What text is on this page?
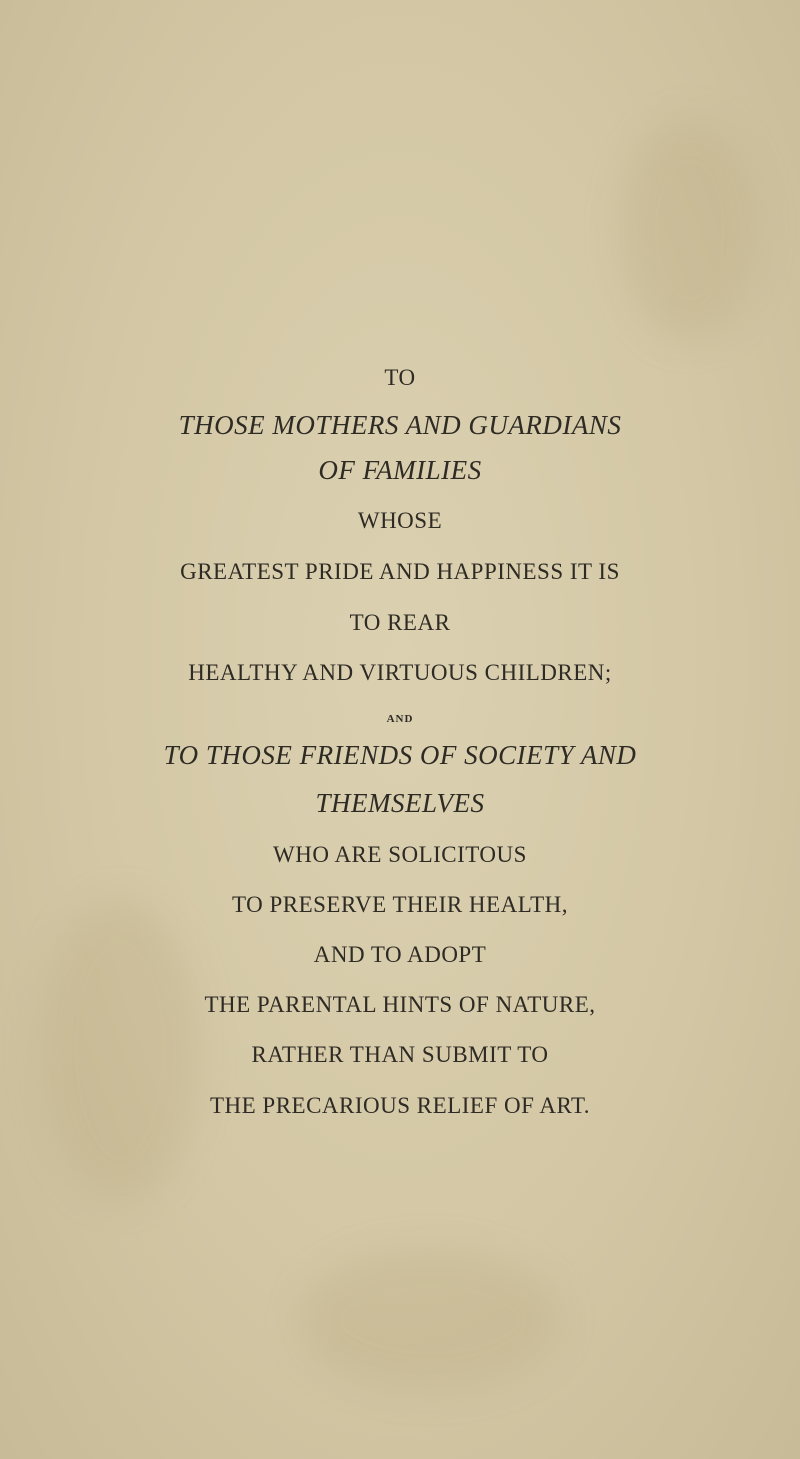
TO
THOSE MOTHERS AND GUARDIANS
OF FAMILIES
WHOSE
GREATEST PRIDE AND HAPPINESS IT IS
TO REAR
HEALTHY AND VIRTUOUS CHILDREN;
AND
TO THOSE FRIENDS OF SOCIETY AND
THEMSELVES
WHO ARE SOLICITOUS
TO PRESERVE THEIR HEALTH,
AND TO ADOPT
THE PARENTAL HINTS OF NATURE,
RATHER THAN SUBMIT TO
THE PRECARIOUS RELIEF OF ART.
